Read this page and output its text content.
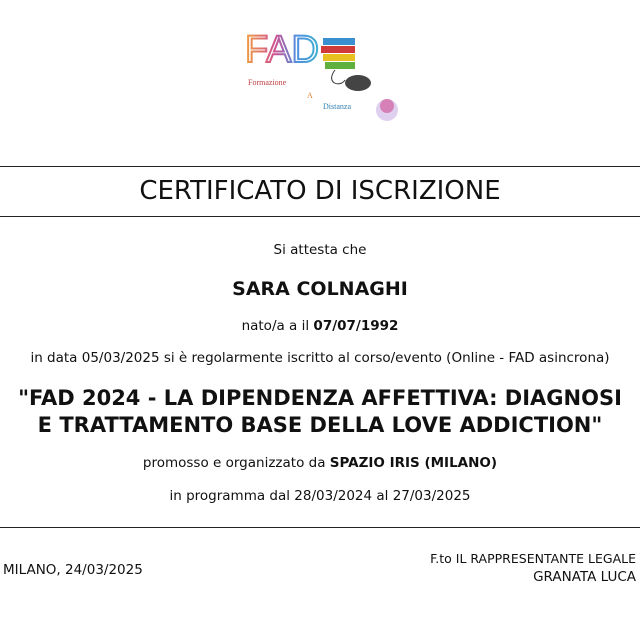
FAD
Formazione
A
Distanza
CERTIFICATO DI ISCRIZIONE
Si attesta che
SARA COLNAGHI
nato/a a il 07/07/1992
in data 05/03/2025 si è regolarmente iscritto al corso/evento (Online - FAD asincrona)
"FAD 2024 - LA DIPENDENZA AFFETTIVA: DIAGNOSI
E TRATTAMENTO BASE DELLA LOVE ADDICTION"
promosso e organizzato da SPAZIO IRIS (MILANO)
in programma dal 28/03/2024 al 27/03/2025
MILANO, 24/03/2025
F.to IL RAPPRESENTANTE LEGALE
GRANATA LUCA
